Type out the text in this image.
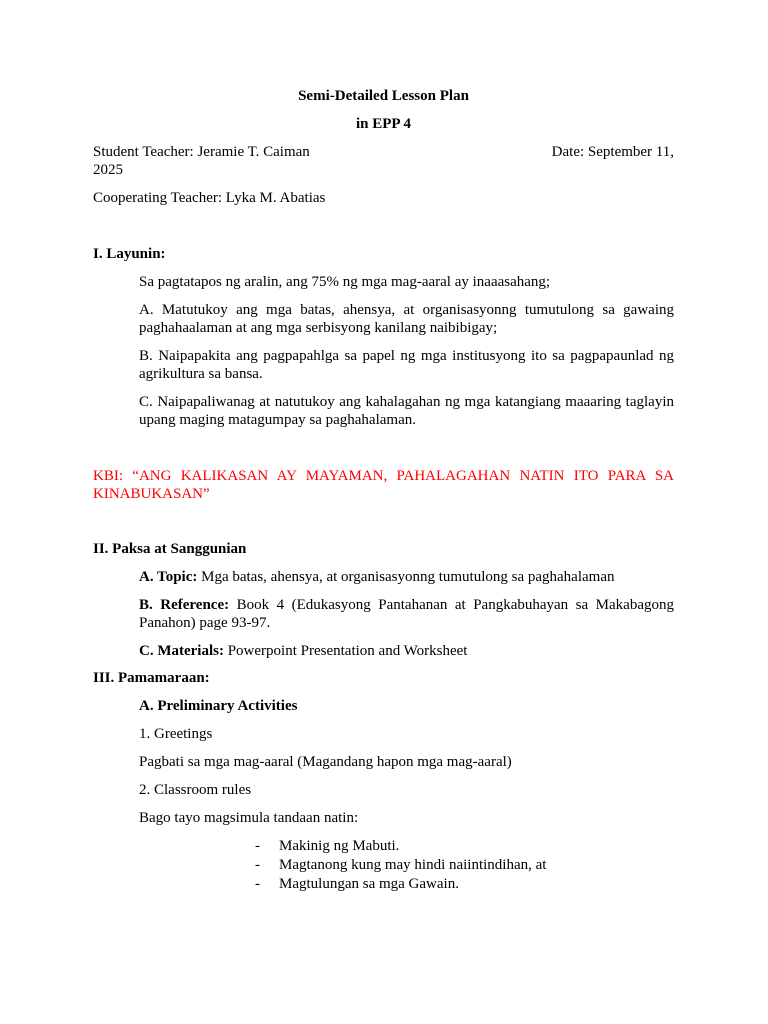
Semi-Detailed Lesson Plan
in EPP 4
Student Teacher: Jeramie T. Caiman	Date: September 11,
2025
Cooperating Teacher: Lyka M. Abatias
I. Layunin:
Sa pagtatapos ng aralin, ang 75% ng mga mag-aaral ay inaaasahang;
A. Matutukoy ang mga batas, ahensya, at organisasyonng tumutulong sa gawaing paghahaalaman at ang mga serbisyong kanilang naibibigay;
B. Naipapakita ang pagpapahlga sa papel ng mga institusyong ito sa pagpapaunlad ng agrikultura sa bansa.
C. Naipapaliwanag at natutukoy ang kahalagahan ng mga katangiang maaaring taglayin upang maging matagumpay sa paghahalaman.
KBI: “ANG KALIKASAN AY MAYAMAN, PAHALAGAHAN NATIN ITO PARA SA KINABUKASAN”
II. Paksa at Sanggunian
A. Topic: Mga batas, ahensya, at organisasyonng tumutulong sa paghahalaman
B. Reference: Book 4 (Edukasyong Pantahanan at Pangkabuhayan sa Makabagong Panahon) page 93-97.
C. Materials: Powerpoint Presentation and Worksheet
III. Pamamaraan:
A. Preliminary Activities
1. Greetings
Pagbati sa mga mag-aaral (Magandang hapon mga mag-aaral)
2. Classroom rules
Bago tayo magsimula tandaan natin:
- Makinig ng Mabuti.
- Magtanong kung may hindi naiintindihan, at
- Magtulungan sa mga Gawain.
